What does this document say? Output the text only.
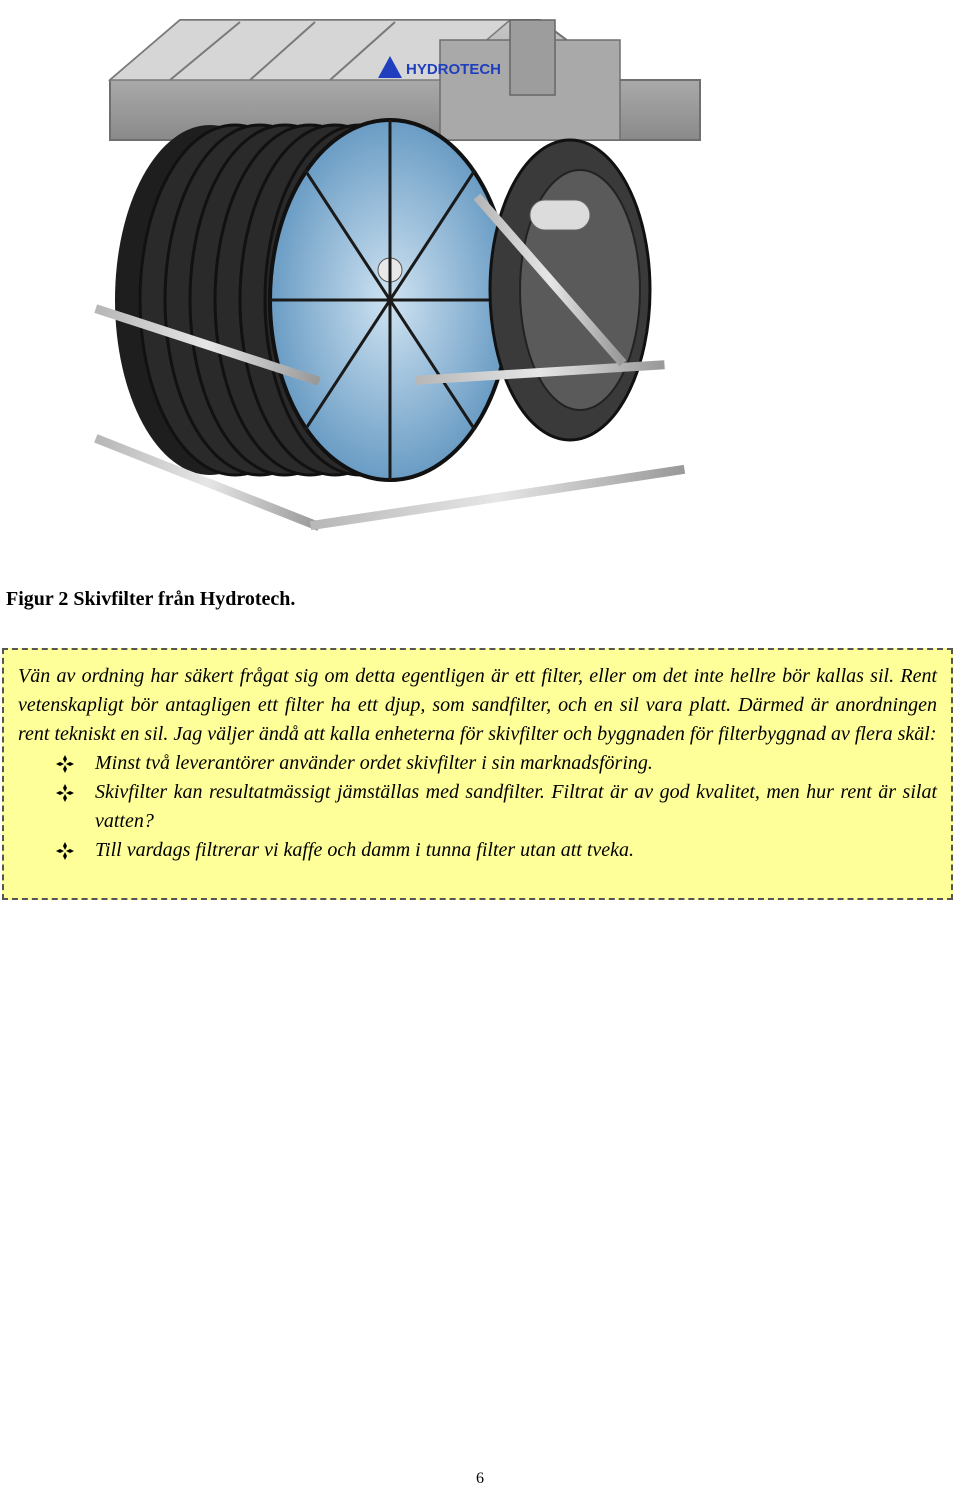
HYDROTECH
Figur 2 Skivfilter från Hydrotech.

Vän av ordning har säkert frågat sig om detta egentligen är ett filter, eller om det inte hellre bör kallas sil. Rent vetenskapligt bör antagligen ett filter ha ett djup, som sandfilter, och en sil vara platt. Därmed är anordningen rent tekniskt en sil. Jag väljer ändå att kalla enheterna för skivfilter och byggnaden för filterbyggnad av flera skäl:

Minst två leverantörer använder ordet skivfilter i sin marknadsföring.
Skivfilter kan resultatmässigt jämställas med sandfilter. Filtrat är av god kvalitet, men hur rent är silat vatten?
Till vardags filtrerar vi kaffe och damm i tunna filter utan att tveka.
6
